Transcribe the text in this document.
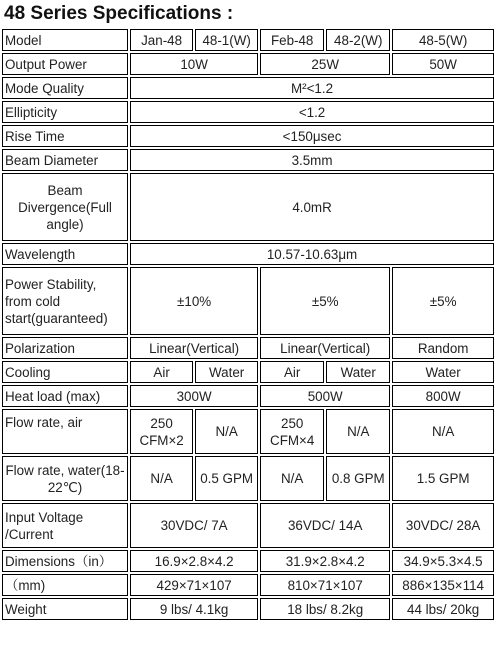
48 Series Specifications :
Model	Jan-48	48-1(W)	Feb-48	48-2(W)	48-5(W)
Output Power	10W		25W		50W
Mode Quality	M²<1.2				
Ellipticity	<1.2				
Rise Time	<150μsec				
Beam Diameter	3.5mm				
Beam Divergence(Full angle)	4.0mR				
Wavelength	10.57-10.63μm				
Power Stability, from cold start(guaranteed)	±10%		±5%		±5%
Polarization	Linear(Vertical)		Linear(Vertical)		Random
Cooling	Air	Water	Air	Water	Water
Heat load (max)	300W		500W		800W
Flow rate, air	250 CFM×2	N/A	250 CFM×4	N/A	N/A
Flow rate, water(18-22℃)	N/A	0.5 GPM	N/A	0.8 GPM	1.5 GPM
Input Voltage /Current	30VDC/ 7A		36VDC/ 14A		30VDC/ 28A
Dimensions（in）	16.9×2.8×4.2		31.9×2.8×4.2		34.9×5.3×4.5
（mm)	429×71×107		810×71×107		886×135×114
Weight	9 lbs/ 4.1kg		18 lbs/ 8.2kg		44 lbs/ 20kg
